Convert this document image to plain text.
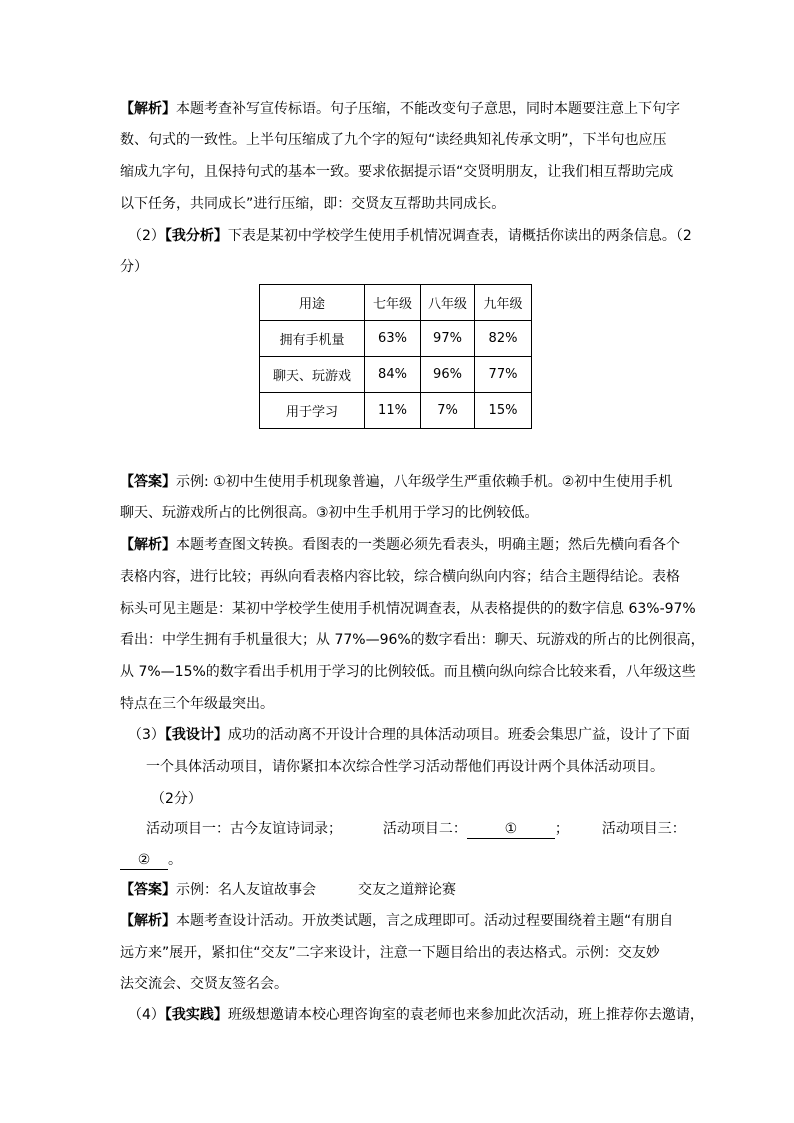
【解析】本题考查补写宣传标语。句子压缩，不能改变句子意思，同时本题要注意上下句字
数、句式的一致性。上半句压缩成了九个字的短句“读经典知礼传承文明”，下半句也应压
缩成九字句，且保持句式的基本一致。要求依据提示语“交贤明朋友，让我们相互帮助完成
以下任务，共同成长”进行压缩，即：交贤友互帮助共同成长。
（2）【我分析】下表是某初中学校学生使用手机情况调查表，请概括你读出的两条信息。（2
分）
用途	七年级	八年级	九年级
拥有手机量	63%	97%	82%
聊天、玩游戏	84%	96%	77%
用于学习	11%	7%	15%
【答案】示例: ①初中生使用手机现象普遍，八年级学生严重依赖手机。②初中生使用手机
聊天、玩游戏所占的比例很高。③初中生手机用于学习的比例较低。
【解析】本题考查图文转换。看图表的一类题必须先看表头，明确主题；然后先横向看各个
表格内容，进行比较；再纵向看表格内容比较，综合横向纵向内容；结合主题得结论。表格
标头可见主题是：某初中学校学生使用手机情况调查表，从表格提供的的数字信息 63%-97%
看出：中学生拥有手机量很大；从 77%—96%的数字看出：聊天、玩游戏的所占的比例很高，
从 7%—15%的数字看出手机用于学习的比例较低。而且横向纵向综合比较来看，八年级这些
特点在三个年级最突出。
（3）【我设计】成功的活动离不开设计合理的具体活动项目。班委会集思广益，设计了下面
一个具体活动项目，请你紧扣本次综合性学习活动帮他们再设计两个具体活动项目。
（2分）
活动项目一：古今友谊诗词录；	活动项目二：	①	； 活动项目三：
② 。
【答案】示例：名人友谊故事会　　　交友之道辩论赛
【解析】本题考查设计活动。开放类试题，言之成理即可。活动过程要围绕着主题“有朋自
远方来”展开，紧扣住“交友”二字来设计，注意一下题目给出的表达格式。示例：交友妙
法交流会、交贤友签名会。
（4）【我实践】班级想邀请本校心理咨询室的袁老师也来参加此次活动，班上推荐你去邀请，
